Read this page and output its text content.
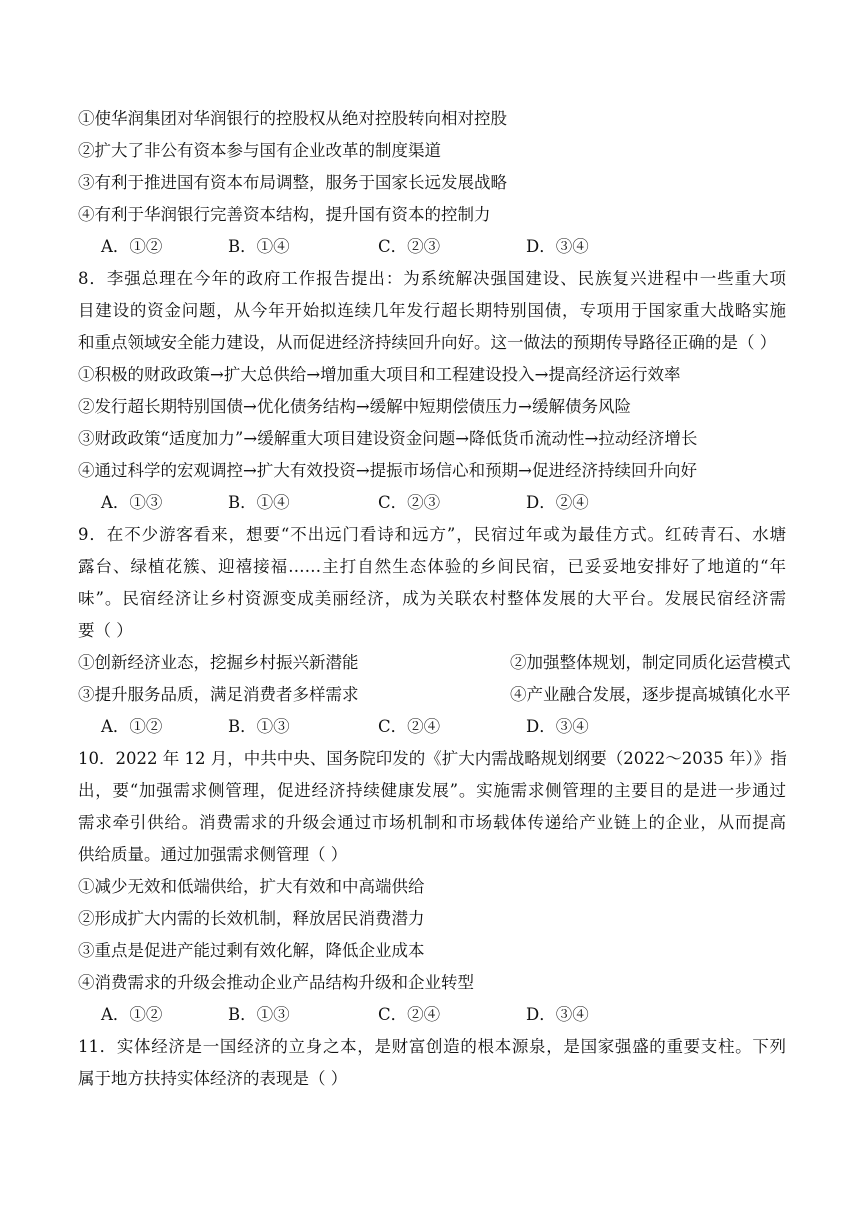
①使华润集团对华润银行的控股权从绝对控股转向相对控股
②扩大了非公有资本参与国有企业改革的制度渠道
③有利于推进国有资本布局调整，服务于国家长远发展战略
④有利于华润银行完善资本结构，提升国有资本的控制力
A．①②	B．①④	C．②③	D．③④
8．李强总理在今年的政府工作报告提出：为系统解决强国建设、民族复兴进程中一些重大项
目建设的资金问题，从今年开始拟连续几年发行超长期特别国债，专项用于国家重大战略实施
和重点领域安全能力建设，从而促进经济持续回升向好。这一做法的预期传导路径正确的是（ ）
①积极的财政政策→扩大总供给→增加重大项目和工程建设投入→提高经济运行效率
②发行超长期特别国债→优化债务结构→缓解中短期偿债压力→缓解债务风险
③财政政策“适度加力”→缓解重大项目建设资金问题→降低货币流动性→拉动经济增长
④通过科学的宏观调控→扩大有效投资→提振市场信心和预期→促进经济持续回升向好
A．①③	B．①④	C．②③	D．②④
9．在不少游客看来，想要“不出远门看诗和远方”，民宿过年或为最佳方式。红砖青石、水塘
露台、绿植花簇、迎禧接福……主打自然生态体验的乡间民宿，已妥妥地安排好了地道的“年
味”。民宿经济让乡村资源变成美丽经济，成为关联农村整体发展的大平台。发展民宿经济需
要（ ）
①创新经济业态，挖掘乡村振兴新潜能	②加强整体规划，制定同质化运营模式
③提升服务品质，满足消费者多样需求	④产业融合发展，逐步提高城镇化水平
A．①②	B．①③	C．②④	D．③④
10．2022 年 12 月，中共中央、国务院印发的《扩大内需战略规划纲要（2022～2035 年）》指
出，要“加强需求侧管理，促进经济持续健康发展”。实施需求侧管理的主要目的是进一步通过
需求牵引供给。消费需求的升级会通过市场机制和市场载体传递给产业链上的企业，从而提高
供给质量。通过加强需求侧管理（ ）
①减少无效和低端供给，扩大有效和中高端供给
②形成扩大内需的长效机制，释放居民消费潜力
③重点是促进产能过剩有效化解，降低企业成本
④消费需求的升级会推动企业产品结构升级和企业转型
A．①②	B．①③	C．②④	D．③④
11．实体经济是一国经济的立身之本，是财富创造的根本源泉，是国家强盛的重要支柱。下列
属于地方扶持实体经济的表现是（ ）
